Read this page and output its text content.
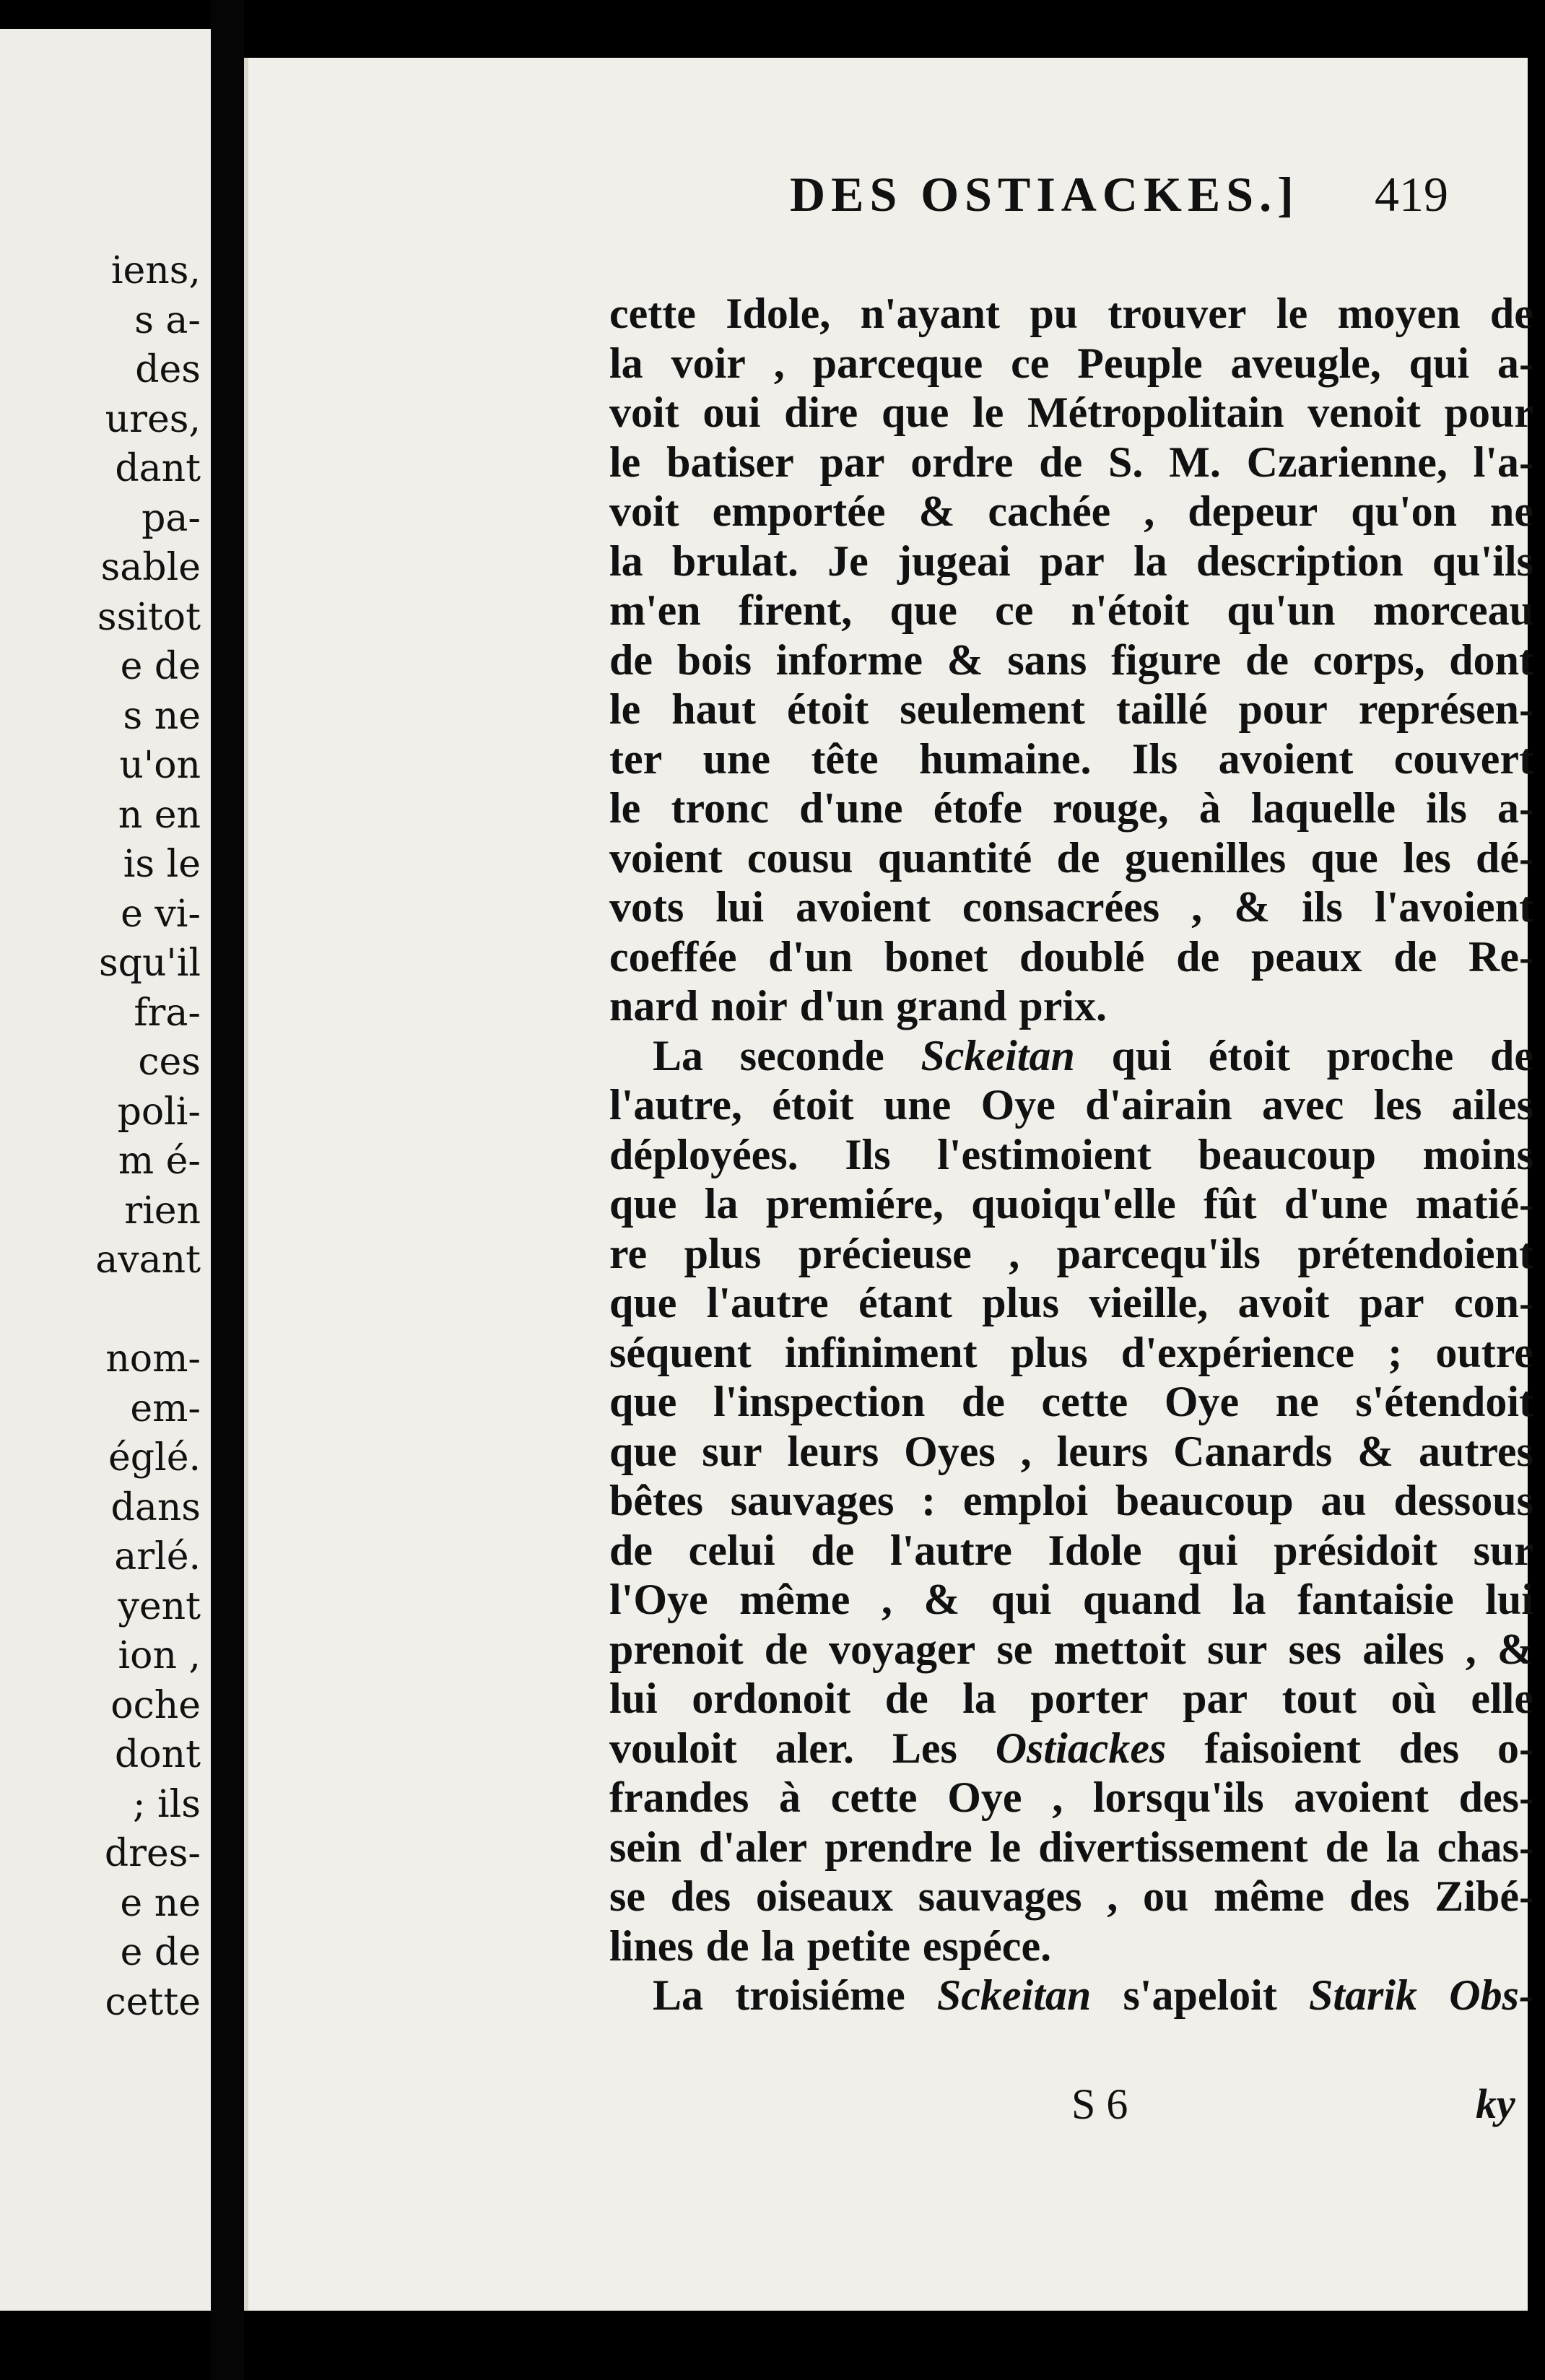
iens,
s a-
des
ures,
dant
pa-
sable
ssitot
e de
s ne
u'on
n en
is le
e vi-
squ'il
fra-
ces
poli-
m é-
rien
avant
nom-
em-
églé.
dans
arlé.
yent
ion ,
oche
dont
; ils
dres-
e ne
e de
cette
DES OSTIACKES.] 419
cette Idole, n'ayant pu trouver le moyen de
la voir , parceque ce Peuple aveugle, qui a-
voit oui dire que le Métropolitain venoit pour
le batiser par ordre de S. M. Czarienne, l'a-
voit emportée & cachée , depeur qu'on ne
la brulat. Je jugeai par la description qu'ils
m'en firent, que ce n'étoit qu'un morceau
de bois informe & sans figure de corps, dont
le haut étoit seulement taillé pour représen-
ter une tête humaine. Ils avoient couvert
le tronc d'une étofe rouge, à laquelle ils a-
voient cousu quantité de guenilles que les dé-
vots lui avoient consacrées , & ils l'avoient
coeffée d'un bonet doublé de peaux de Re-
nard noir d'un grand prix.
La seconde Sckeitan qui étoit proche de
l'autre, étoit une Oye d'airain avec les ailes
déployées. Ils l'estimoient beaucoup moins
que la premiére, quoiqu'elle fût d'une matié-
re plus précieuse , parcequ'ils prétendoient
que l'autre étant plus vieille, avoit par con-
séquent infiniment plus d'expérience ; outre
que l'inspection de cette Oye ne s'étendoit
que sur leurs Oyes , leurs Canards & autres
bêtes sauvages : emploi beaucoup au dessous
de celui de l'autre Idole qui présidoit sur
l'Oye même , & qui quand la fantaisie lui
prenoit de voyager se mettoit sur ses ailes , &
lui ordonoit de la porter par tout où elle
vouloit aler. Les Ostiackes faisoient des o-
frandes à cette Oye , lorsqu'ils avoient des-
sein d'aler prendre le divertissement de la chas-
se des oiseaux sauvages , ou même des Zibé-
lines de la petite espéce.
La troisiéme Sckeitan s'apeloit Starik Obs-
S 6	ky
